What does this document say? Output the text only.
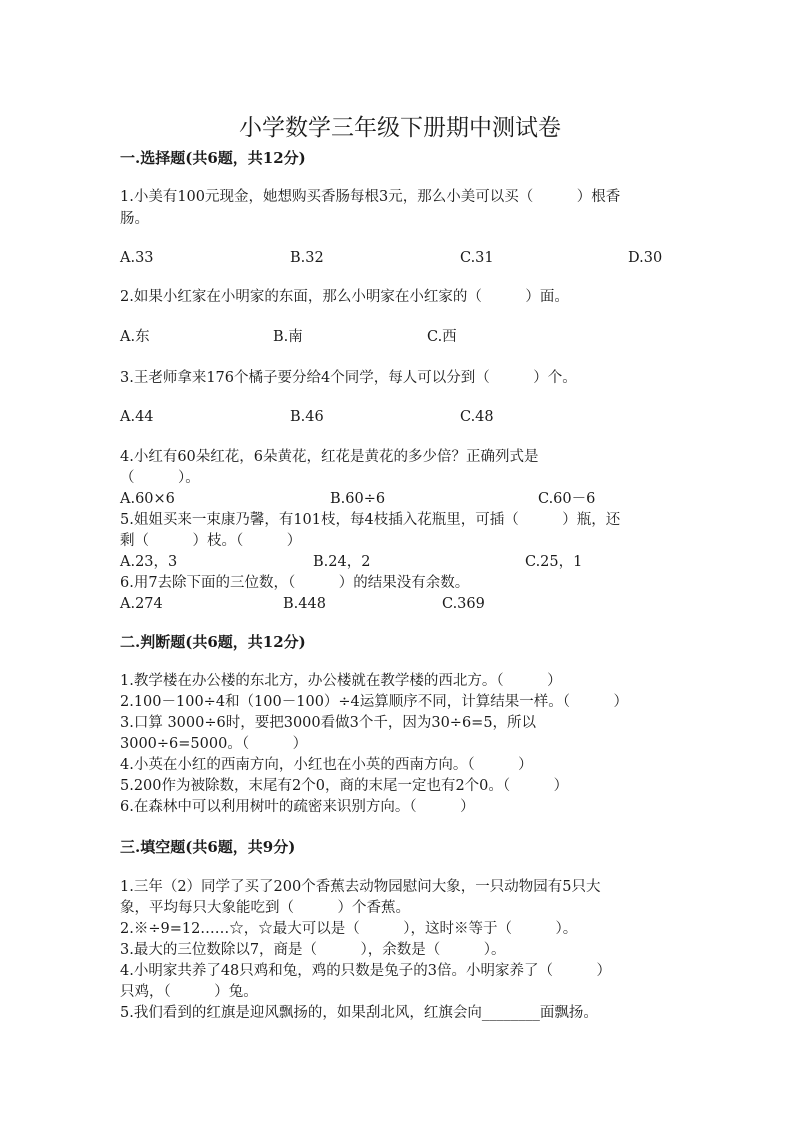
小学数学三年级下册期中测试卷
一.选择题(共6题，共12分)
1.小美有100元现金，她想购买香肠每根3元，那么小美可以买（　　　）根香
肠。
A.33	B.32	C.31	D.30
2.如果小红家在小明家的东面，那么小明家在小红家的（　　　）面。
A.东	B.南	C.西
3.王老师拿来176个橘子要分给4个同学，每人可以分到（　　　）个。
A.44	B.46	C.48
4.小红有60朵红花，6朵黄花，红花是黄花的多少倍？正确列式是
（　　　）。
A.60×6	B.60÷6	C.60－6
5.姐姐买来一束康乃馨，有101枝，每4枝插入花瓶里，可插（　　　）瓶，还
剩（　　　）枝。（　　　）
A.23，3	B.24，2	C.25，1
6.用7去除下面的三位数，（　　　）的结果没有余数。
A.274	B.448	C.369
二.判断题(共6题，共12分)
1.教学楼在办公楼的东北方，办公楼就在教学楼的西北方。（　　　）
2.100－100÷4和（100－100）÷4运算顺序不同，计算结果一样。（　　　）
3.口算 3000÷6时，要把3000看做3个千，因为30÷6=5，所以
3000÷6=5000。（　　　）
4.小英在小红的西南方向，小红也在小英的西南方向。（　　　）
5.200作为被除数，末尾有2个0，商的末尾一定也有2个0。（　　　）
6.在森林中可以利用树叶的疏密来识别方向。（　　　）
三.填空题(共6题，共9分)
1.三年（2）同学了买了200个香蕉去动物园慰问大象，一只动物园有5只大
象，平均每只大象能吃到（　　　）个香蕉。
2.※÷9=12……☆，☆最大可以是（　　　），这时※等于（　　　）。
3.最大的三位数除以7，商是（　　　），余数是（　　　）。
4.小明家共养了48只鸡和兔，鸡的只数是兔子的3倍。小明家养了（　　　）
只鸡，（　　　）兔。
5.我们看到的红旗是迎风飘扬的，如果刮北风，红旗会向________面飘扬。
